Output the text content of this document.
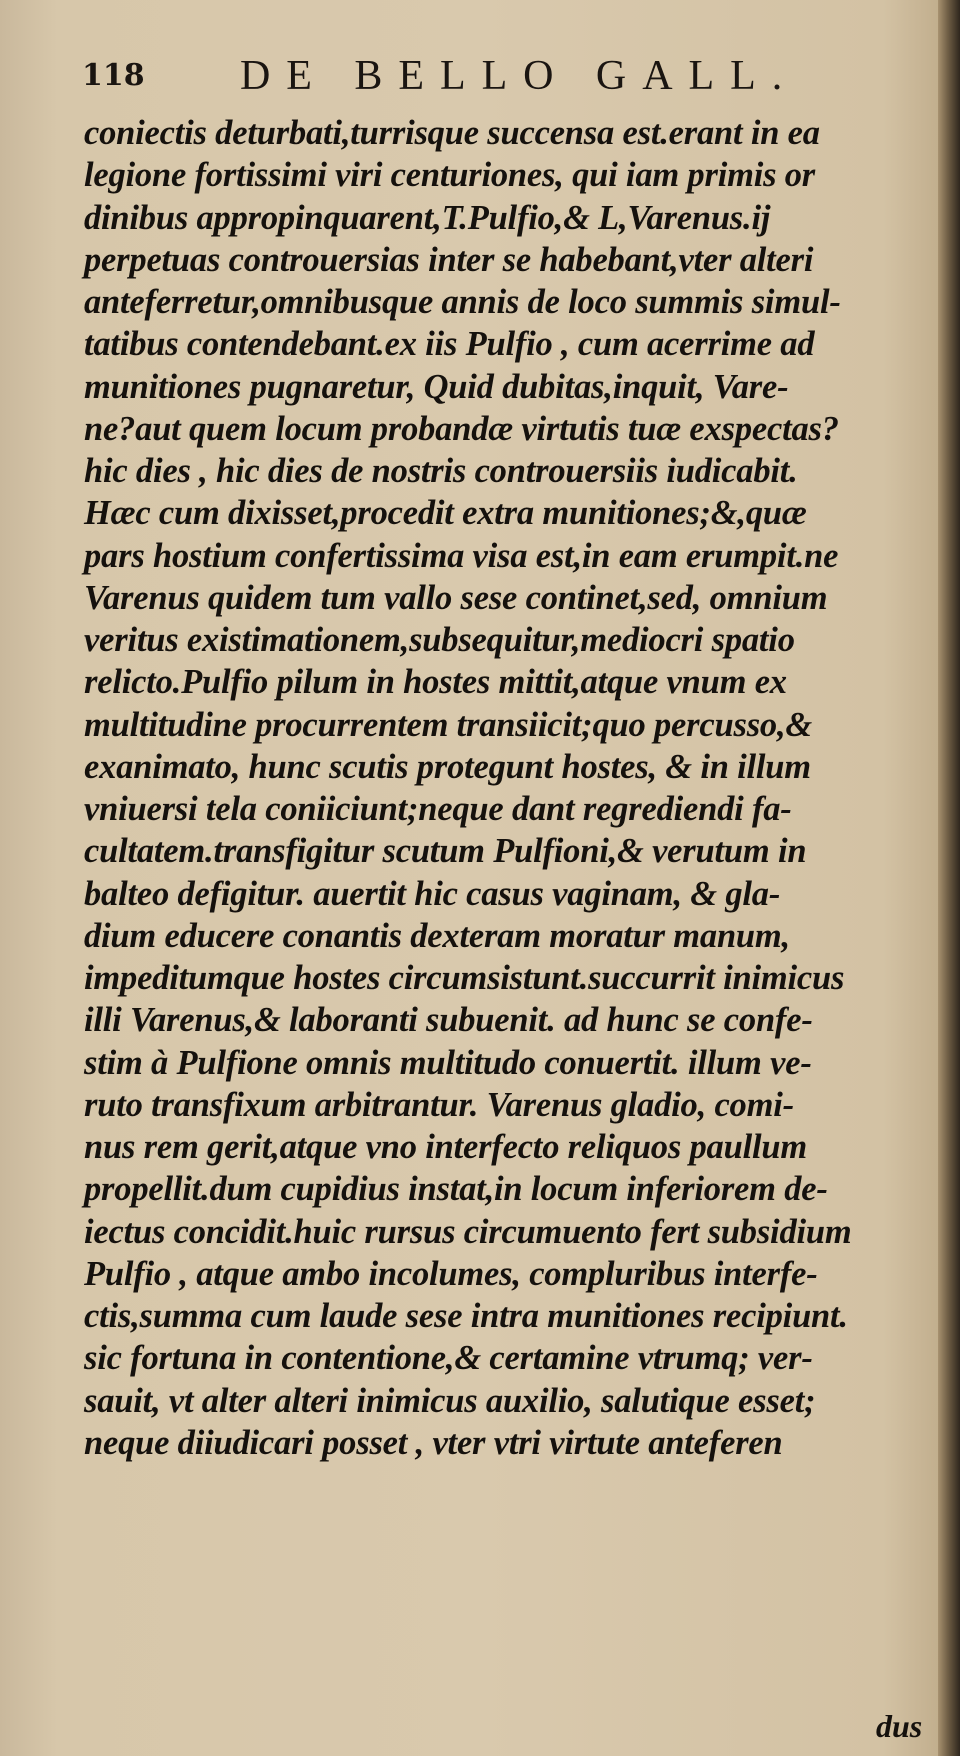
118 DE BELLO GALL.
coniectis deturbati,turrisque succensa est.erant in ea
legione fortissimi viri centuriones, qui iam primis or
dinibus appropinquarent,T.Pulfio,& L,Varenus.ij
perpetuas controuersias inter se habebant,vter alteri
anteferretur,omnibusque annis de loco summis simul-
tatibus contendebant.ex iis Pulfio , cum acerrime ad
munitiones pugnaretur, Quid dubitas,inquit, Vare-
ne?aut quem locum probandæ virtutis tuæ exspectas?
hic dies , hic dies de nostris controuersiis iudicabit.
Hæc cum dixisset,procedit extra munitiones;&,quæ
pars hostium confertissima visa est,in eam erumpit.ne
Varenus quidem tum vallo sese continet,sed, omnium
veritus existimationem,subsequitur,mediocri spatio
relicto.Pulfio pilum in hostes mittit,atque vnum ex
multitudine procurrentem transiicit;quo percusso,&
exanimato, hunc scutis protegunt hostes, & in illum
vniuersi tela coniiciunt;neque dant regrediendi fa-
cultatem.transfigitur scutum Pulfioni,& verutum in
balteo defigitur. auertit hic casus vaginam, & gla-
dium educere conantis dexteram moratur manum,
impeditumque hostes circumsistunt.succurrit inimicus
illi Varenus,& laboranti subuenit. ad hunc se confe-
stim à Pulfione omnis multitudo conuertit. illum ve-
ruto transfixum arbitrantur. Varenus gladio, comi-
nus rem gerit,atque vno interfecto reliquos paullum
propellit.dum cupidius instat,in locum inferiorem de-
iectus concidit.huic rursus circumuento fert subsidium
Pulfio , atque ambo incolumes, compluribus interfe-
ctis,summa cum laude sese intra munitiones recipiunt.
sic fortuna in contentione,& certamine vtrumq; ver-
sauit, vt alter alteri inimicus auxilio, salutique esset;
neque diiudicari posset , vter vtri virtute anteferen
dus
